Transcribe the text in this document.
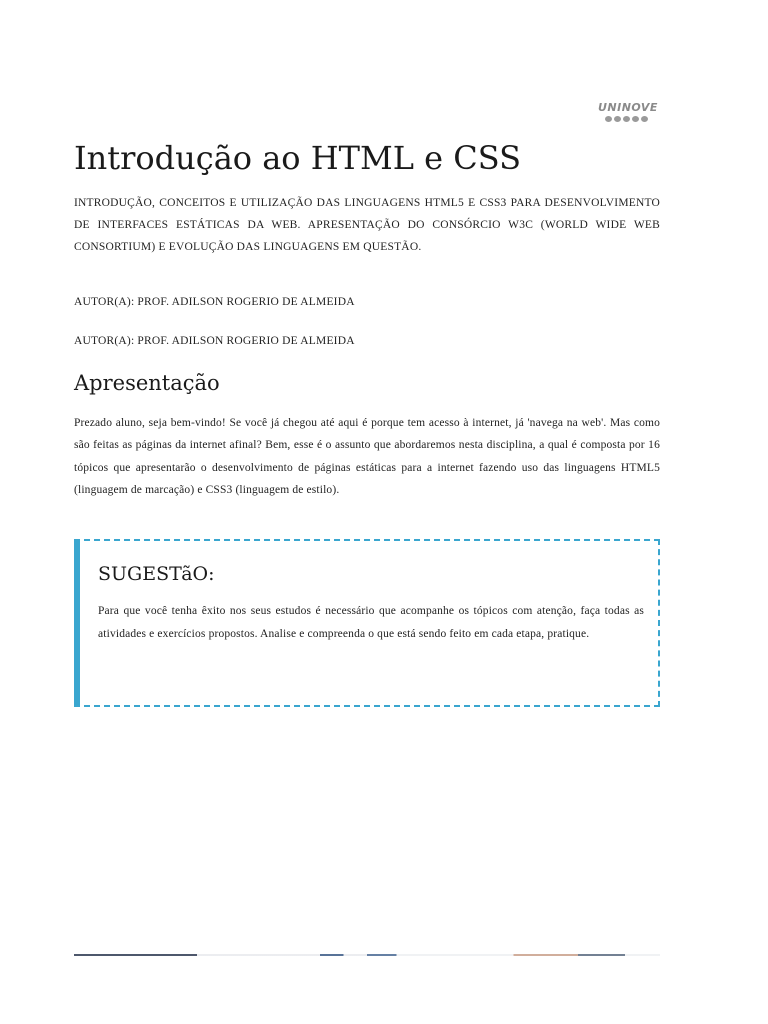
UNINOVE
Introdução ao HTML e CSS

INTRODUÇÃO, CONCEITOS E UTILIZAÇÃO DAS LINGUAGENS HTML5 E CSS3 PARA DESENVOLVIMENTO DE INTERFACES ESTÁTICAS DA WEB. APRESENTAÇÃO DO CONSÓRCIO W3C (WORLD WIDE WEB CONSORTIUM) E EVOLUÇÃO DAS LINGUAGENS EM QUESTÃO.

AUTOR(A): PROF. ADILSON ROGERIO DE ALMEIDA

AUTOR(A): PROF. ADILSON ROGERIO DE ALMEIDA

Apresentação

Prezado aluno, seja bem-vindo! Se você já chegou até aqui é porque tem acesso à internet, já 'navega na web'. Mas como são feitas as páginas da internet afinal? Bem, esse é o assunto que abordaremos nesta disciplina, a qual é composta por 16 tópicos que apresentarão o desenvolvimento de páginas estáticas para a internet fazendo uso das linguagens HTML5 (linguagem de marcação) e CSS3 (linguagem de estilo).

SUGESTãO:

Para que você tenha êxito nos seus estudos é necessário que acompanhe os tópicos com atenção, faça todas as atividades e exercícios propostos. Analise e compreenda o que está sendo feito em cada etapa, pratique.
